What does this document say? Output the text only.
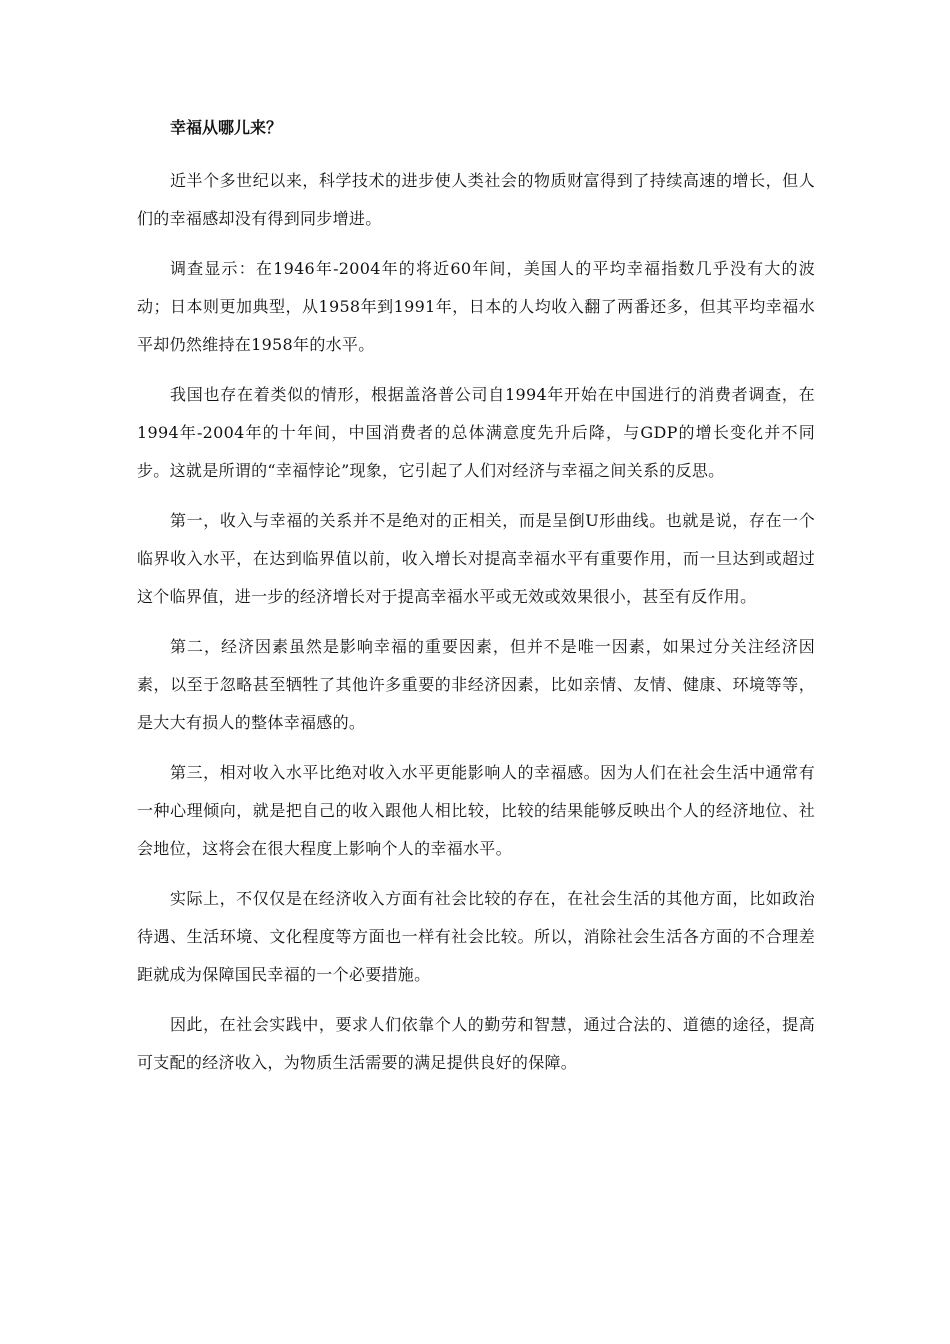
幸福从哪儿来？

近半个多世纪以来，科学技术的进步使人类社会的物质财富得到了持续高速的增长，但人们的幸福感却没有得到同步增进。

调查显示：在1946年-2004年的将近60年间，美国人的平均幸福指数几乎没有大的波动；日本则更加典型，从1958年到1991年，日本的人均收入翻了两番还多，但其平均幸福水平却仍然维持在1958年的水平。

我国也存在着类似的情形，根据盖洛普公司自1994年开始在中国进行的消费者调查，在1994年-2004年的十年间，中国消费者的总体满意度先升后降，与GDP的增长变化并不同步。这就是所谓的“幸福悖论”现象，它引起了人们对经济与幸福之间关系的反思。

第一，收入与幸福的关系并不是绝对的正相关，而是呈倒U形曲线。也就是说，存在一个临界收入水平，在达到临界值以前，收入增长对提高幸福水平有重要作用，而一旦达到或超过这个临界值，进一步的经济增长对于提高幸福水平或无效或效果很小，甚至有反作用。

第二，经济因素虽然是影响幸福的重要因素，但并不是唯一因素，如果过分关注经济因素，以至于忽略甚至牺牲了其他许多重要的非经济因素，比如亲情、友情、健康、环境等等，是大大有损人的整体幸福感的。

第三，相对收入水平比绝对收入水平更能影响人的幸福感。因为人们在社会生活中通常有一种心理倾向，就是把自己的收入跟他人相比较，比较的结果能够反映出个人的经济地位、社会地位，这将会在很大程度上影响个人的幸福水平。

实际上，不仅仅是在经济收入方面有社会比较的存在，在社会生活的其他方面，比如政治待遇、生活环境、文化程度等方面也一样有社会比较。所以，消除社会生活各方面的不合理差距就成为保障国民幸福的一个必要措施。

因此，在社会实践中，要求人们依靠个人的勤劳和智慧，通过合法的、道德的途径，提高可支配的经济收入，为物质生活需要的满足提供良好的保障。
